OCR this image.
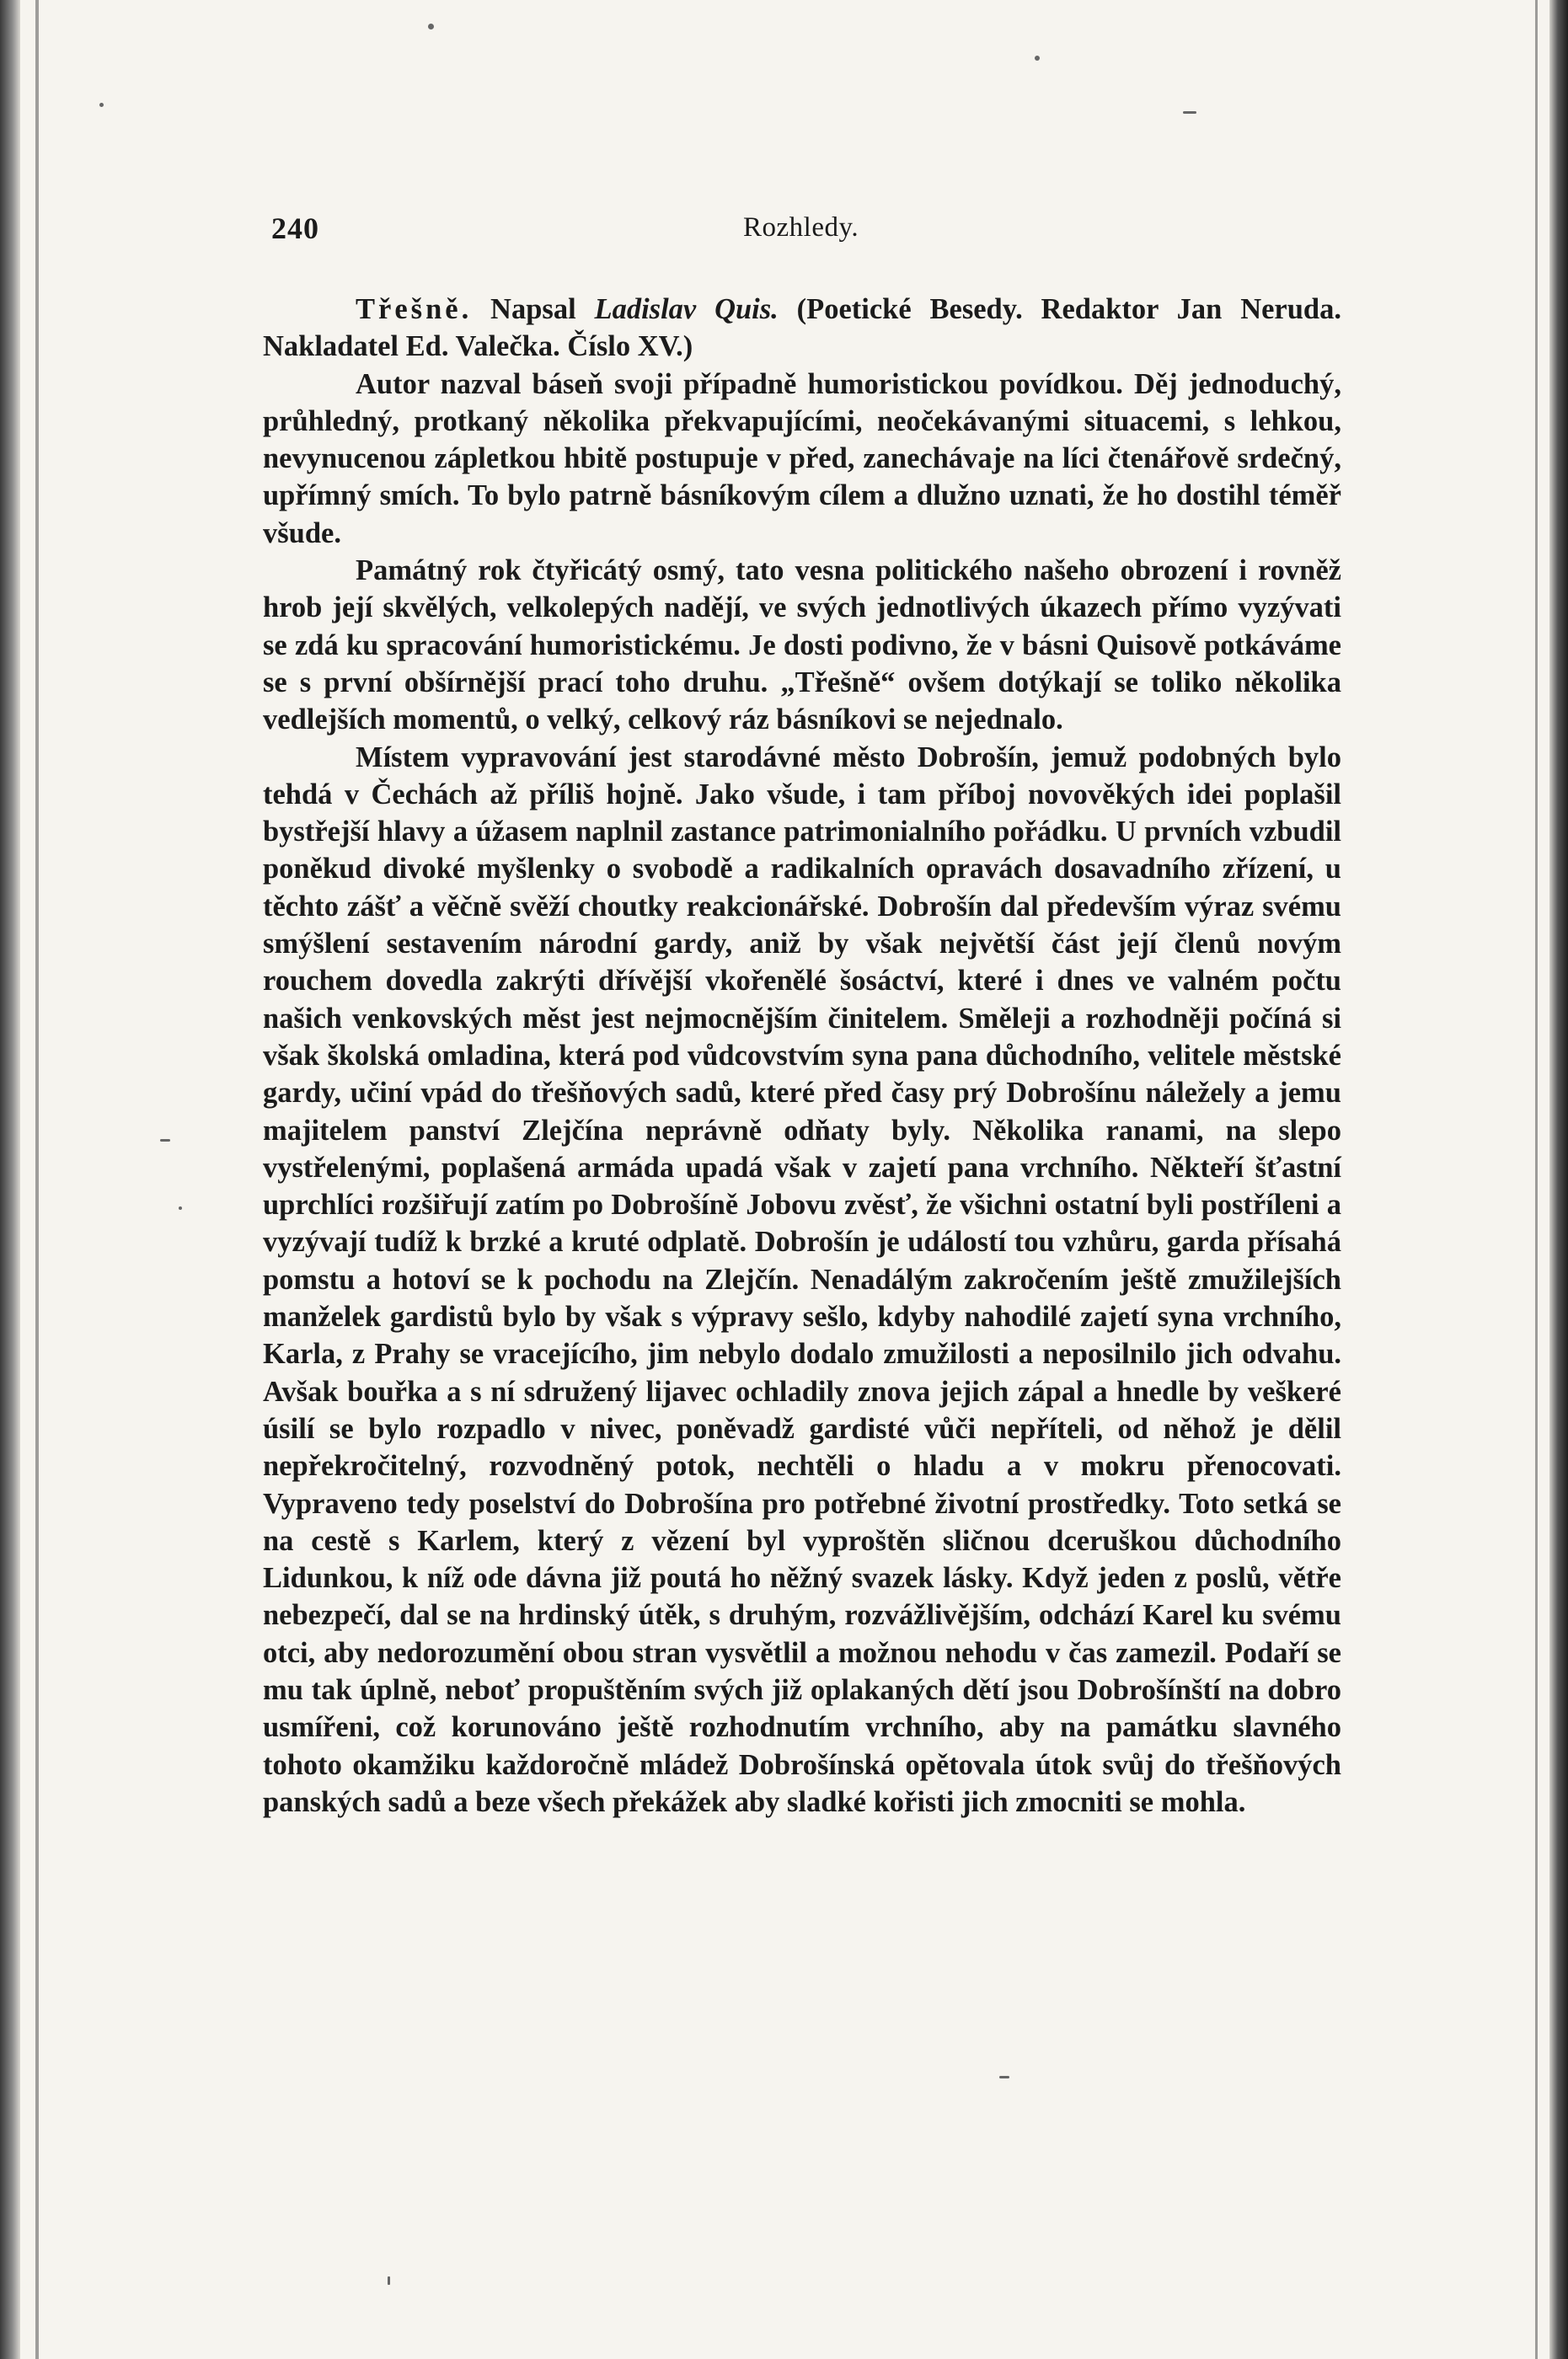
240	Rozhledy.

Třešně. Napsal Ladislav Quis. (Poetické Besedy. Redaktor Jan Neruda. Nakladatel Ed. Valečka. Číslo XV.)

Autor nazval báseň svoji případně humoristickou povídkou. Děj jednoduchý, průhledný, protkaný několika překvapujícími, neočekávanými situacemi, s lehkou, nevynucenou zápletkou hbitě postupuje v před, zanechávaje na líci čtenářově srdečný, upřímný smích. To bylo patrně básníkovým cílem a dlužno uznati, že ho dostihl téměř všude.

Památný rok čtyřicátý osmý, tato vesna politického našeho obrození i rovněž hrob její skvělých, velkolepých nadějí, ve svých jednotlivých úkazech přímo vyzývati se zdá ku spracování humoristickému. Je dosti podivno, že v básni Quisově potkáváme se s první obšírnější prací toho druhu. „Třešně“ ovšem dotýkají se toliko několika vedlejších momentů, o velký, celkový ráz básníkovi se nejednalo.

Místem vypravování jest starodávné město Dobrošín, jemuž podobných bylo tehdá v Čechách až příliš hojně. Jako všude, i tam příboj novověkých idei poplašil bystřejší hlavy a úžasem naplnil zastance patrimonialního pořádku. U prvních vzbudil poněkud divoké myšlenky o svobodě a radikalních opravách dosavadního zřízení, u těchto zášť a věčně svěží choutky reakcionářské. Dobrošín dal především výraz svému smýšlení sestavením národní gardy, aniž by však největší část její členů novým rouchem dovedla zakrýti dřívější vkořenělé šosáctví, které i dnes ve valném počtu našich venkovských měst jest nejmocnějším činitelem. Směleji a rozhodněji počíná si však školská omladina, která pod vůdcovstvím syna pana důchodního, velitele městské gardy, učiní vpád do třešňových sadů, které před časy prý Dobrošínu náležely a jemu majitelem panství Zlejčína neprávně odňaty byly. Několika ranami, na slepo vystřelenými, poplašená armáda upadá však v zajetí pana vrchního. Někteří šťastní uprchlíci rozšiřují zatím po Dobrošíně Jobovu zvěsť, že všichni ostatní byli postříleni a vyzývají tudíž k brzké a kruté odplatě. Dobrošín je událostí tou vzhůru, garda přísahá pomstu a hotoví se k pochodu na Zlejčín. Nenadálým zakročením ještě zmužilejších manželek gardistů bylo by však s výpravy sešlo, kdyby nahodilé zajetí syna vrchního, Karla, z Prahy se vracejícího, jim nebylo dodalo zmužilosti a neposilnilo jich odvahu. Avšak bouřka a s ní sdružený lijavec ochladily znova jejich zápal a hnedle by veškeré úsilí se bylo rozpadlo v nivec, poněvadž gardisté vůči nepříteli, od něhož je dělil nepřekročitelný, rozvodněný potok, nechtěli o hladu a v mokru přenocovati. Vypraveno tedy poselství do Dobrošína pro potřebné životní prostředky. Toto setká se na cestě s Karlem, který z vězení byl vyproštěn sličnou dceruškou důchodního Lidunkou, k níž ode dávna již poutá ho něžný svazek lásky. Když jeden z poslů, větře nebezpečí, dal se na hrdinský útěk, s druhým, rozvážlivějším, odchází Karel ku svému otci, aby nedorozumění obou stran vysvětlil a možnou nehodu v čas zamezil. Podaří se mu tak úplně, neboť propuštěním svých již oplakaných dětí jsou Dobrošínští na dobro usmířeni, což korunováno ještě rozhodnutím vrchního, aby na památku slavného tohoto okamžiku každoročně mládež Dobrošínská opětovala útok svůj do třešňových panských sadů a beze všech překážek aby sladké kořisti jich zmocniti se mohla.
